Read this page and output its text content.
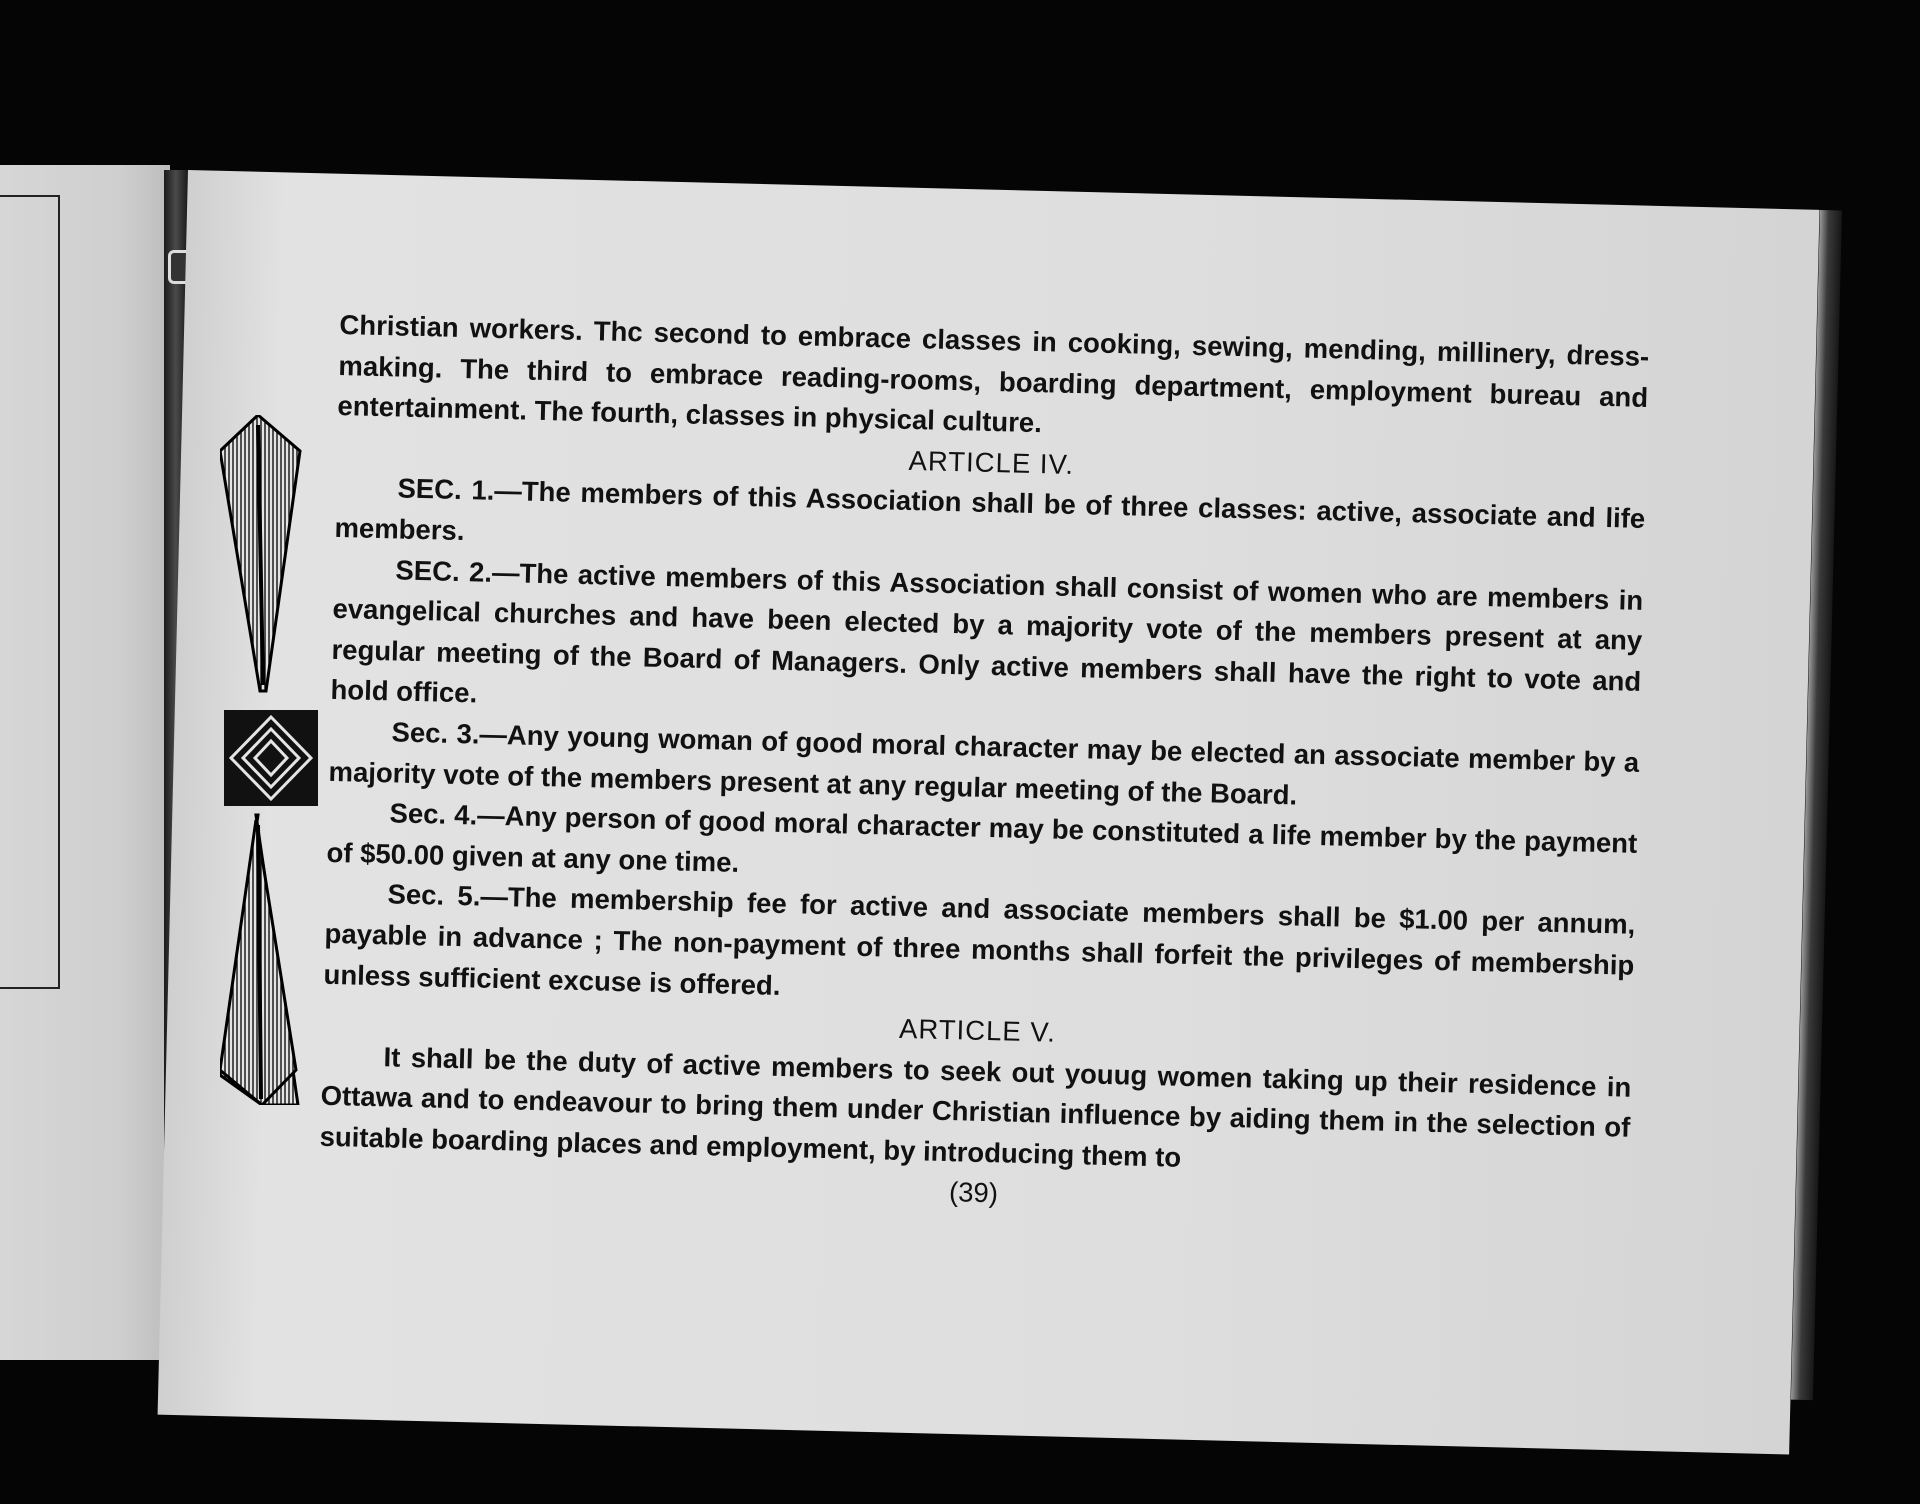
Christian workers. Thc second to embrace classes in cooking, sewing, mending, millinery, dress-making. The third to embrace reading-rooms, boarding department, employment bureau and entertainment. The fourth, classes in physical culture.

ARTICLE IV.

SEC. 1.—The members of this Association shall be of three classes: active, associate and life members.

SEC. 2.—The active members of this Association shall consist of women who are members in evangelical churches and have been elected by a majority vote of the members present at any regular meeting of the Board of Managers. Only active members shall have the right to vote and hold office.

Sec. 3.—Any young woman of good moral character may be elected an associate member by a majority vote of the members present at any regular meeting of the Board.

Sec. 4.—Any person of good moral character may be constituted a life member by the payment of $50.00 given at any one time.

Sec. 5.—The membership fee for active and associate members shall be $1.00 per annum, payable in advance ; The non-payment of three months shall forfeit the privileges of membership unless sufficient excuse is offered.

ARTICLE V.

It shall be the duty of active members to seek out youug women taking up their residence in Ottawa and to endeavour to bring them under Christian influence by aiding them in the selection of suitable boarding places and employment, by introducing them to

(39)
